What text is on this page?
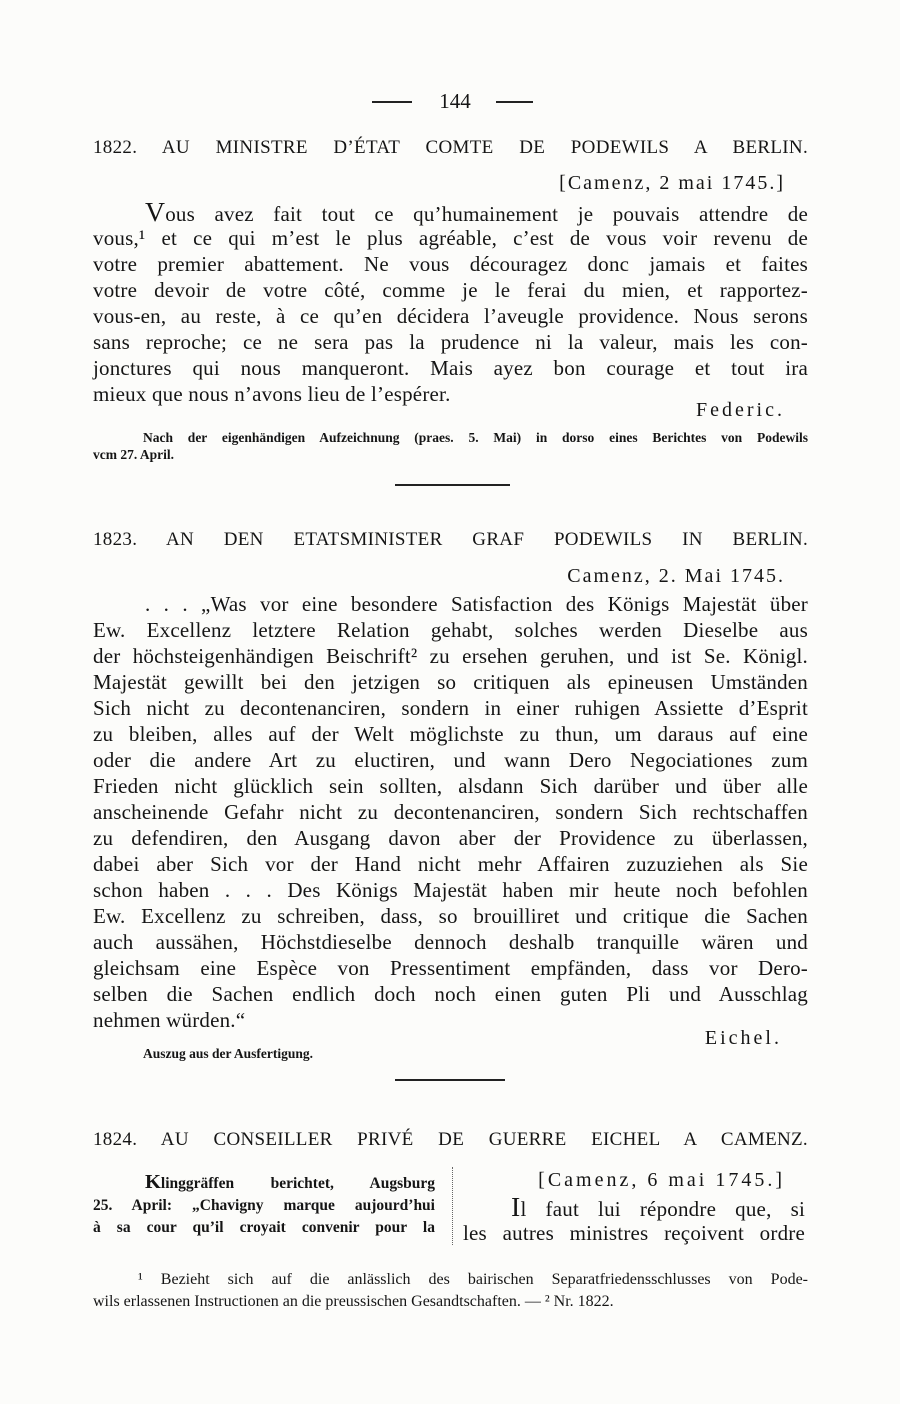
144
1822. AU MINISTRE D’ÉTAT COMTE DE PODEWILS A BERLIN.
[Camenz, 2 mai 1745.]
Vous avez fait tout ce qu’humainement je pouvais attendre de
vous,¹ et ce qui m’est le plus agréable, c’est de vous voir revenu de
votre premier abattement. Ne vous découragez donc jamais et faites
votre devoir de votre côté, comme je le ferai du mien, et rapportez-
vous-en, au reste, à ce qu’en décidera l’aveugle providence. Nous serons
sans reproche; ce ne sera pas la prudence ni la valeur, mais les con-
jonctures qui nous manqueront. Mais ayez bon courage et tout ira
mieux que nous n’avons lieu de l’espérer.
Federic.
Nach der eigenhändigen Aufzeichnung (praes. 5. Mai) in dorso eines Berichtes von Podewils
vcm 27. April.
1823. AN DEN ETATSMINISTER GRAF PODEWILS IN BERLIN.
Camenz, 2. Mai 1745.
. . . „Was vor eine besondere Satisfaction des Königs Majestät über
Ew. Excellenz letztere Relation gehabt, solches werden Dieselbe aus
der höchsteigenhändigen Beischrift² zu ersehen geruhen, und ist Se. Königl.
Majestät gewillt bei den jetzigen so critiquen als epineusen Umständen
Sich nicht zu decontenanciren, sondern in einer ruhigen Assiette d’Esprit
zu bleiben, alles auf der Welt möglichste zu thun, um daraus auf eine
oder die andere Art zu eluctiren, und wann Dero Negociationes zum
Frieden nicht glücklich sein sollten, alsdann Sich darüber und über alle
anscheinende Gefahr nicht zu decontenanciren, sondern Sich rechtschaffen
zu defendiren, den Ausgang davon aber der Providence zu überlassen,
dabei aber Sich vor der Hand nicht mehr Affairen zuzuziehen als Sie
schon haben . . . Des Königs Majestät haben mir heute noch befohlen
Ew. Excellenz zu schreiben, dass, so brouilliret und critique die Sachen
auch aussähen, Höchstdieselbe dennoch deshalb tranquille wären und
gleichsam eine Espèce von Pressentiment empfänden, dass vor Dero-
selben die Sachen endlich doch noch einen guten Pli und Ausschlag
nehmen würden.“
Eichel.
Auszug aus der Ausfertigung.
1824. AU CONSEILLER PRIVÉ DE GUERRE EICHEL A CAMENZ.
Klinggräffen berichtet, Augsburg
25. April: „Chavigny marque aujourd’hui
à sa cour qu’il croyait convenir pour la
[Camenz, 6 mai 1745.]
Il faut lui répondre que, si
les autres ministres reçoivent ordre
¹ Bezieht sich auf die anlässlich des bairischen Separatfriedensschlusses von Pode-
wils erlassenen Instructionen an die preussischen Gesandtschaften. — ² Nr. 1822.
